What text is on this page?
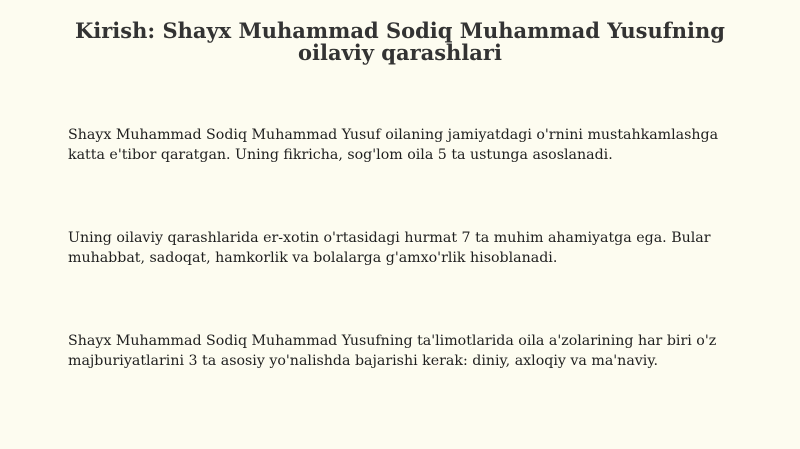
Kirish: Shayx Muhammad Sodiq Muhammad Yusufning oilaviy qarashlari

Shayx Muhammad Sodiq Muhammad Yusuf oilaning jamiyatdagi o'rnini mustahkamlashga katta e'tibor qaratgan. Uning fikricha, sog'lom oila 5 ta ustunga asoslanadi.

Uning oilaviy qarashlarida er-xotin o'rtasidagi hurmat 7 ta muhim ahamiyatga ega. Bular muhabbat, sadoqat, hamkorlik va bolalarga g'amxo'rlik hisoblanadi.

Shayx Muhammad Sodiq Muhammad Yusufning ta'limotlarida oila a'zolarining har biri o'z majburiyatlarini 3 ta asosiy yo'nalishda bajarishi kerak: diniy, axloqiy va ma'naviy.
